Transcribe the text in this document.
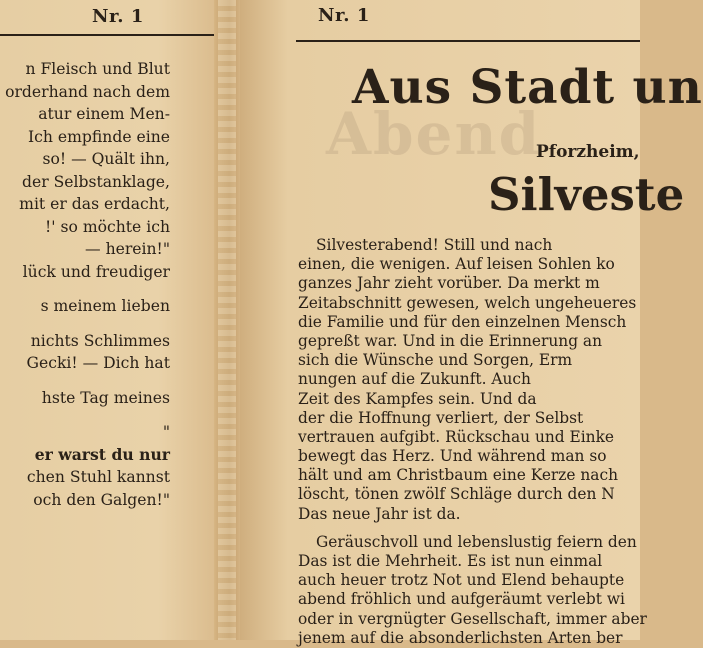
Nr. 1
n Fleisch und Blut
orderhand nach dem
atur einem Men-
Ich empfinde eine
so! — Quält ihn,
der Selbstanklage,
mit er das erdacht,
!' so möchte ich
— herein!"
lück und freudiger
s meinem lieben
nichts Schlimmes
Gecki! — Dich hat
hste Tag meines
"
er warst du nur
chen Stuhl kannst
och den Galgen!"
Nr. 1
Abend
Aus Stadt un
Pforzheim,
Silveste
Silvesterabend! Still und nach
einen, die wenigen. Auf leisen Sohlen ko
ganzes Jahr zieht vorüber. Da merkt m
Zeitabschnitt gewesen, welch ungeheueres
die Familie und für den einzelnen Mensch
gepreßt war. Und in die Erinnerung an
sich die Wünsche und Sorgen, Erm
nungen auf die Zukunft. Auch
Zeit des Kampfes sein. Und da
der die Hoffnung verliert, der Selbst
vertrauen aufgibt. Rückschau und Einke
bewegt das Herz. Und während man so
hält und am Christbaum eine Kerze nach
löscht, tönen zwölf Schläge durch den N
Das neue Jahr ist da.
Geräuschvoll und lebenslustig feiern den
Das ist die Mehrheit. Es ist nun einmal
auch heuer trotz Not und Elend behaupte
abend fröhlich und aufgeräumt verlebt wi
oder in vergnügter Gesellschaft, immer aber
jenem auf die absonderlichsten Arten ber
